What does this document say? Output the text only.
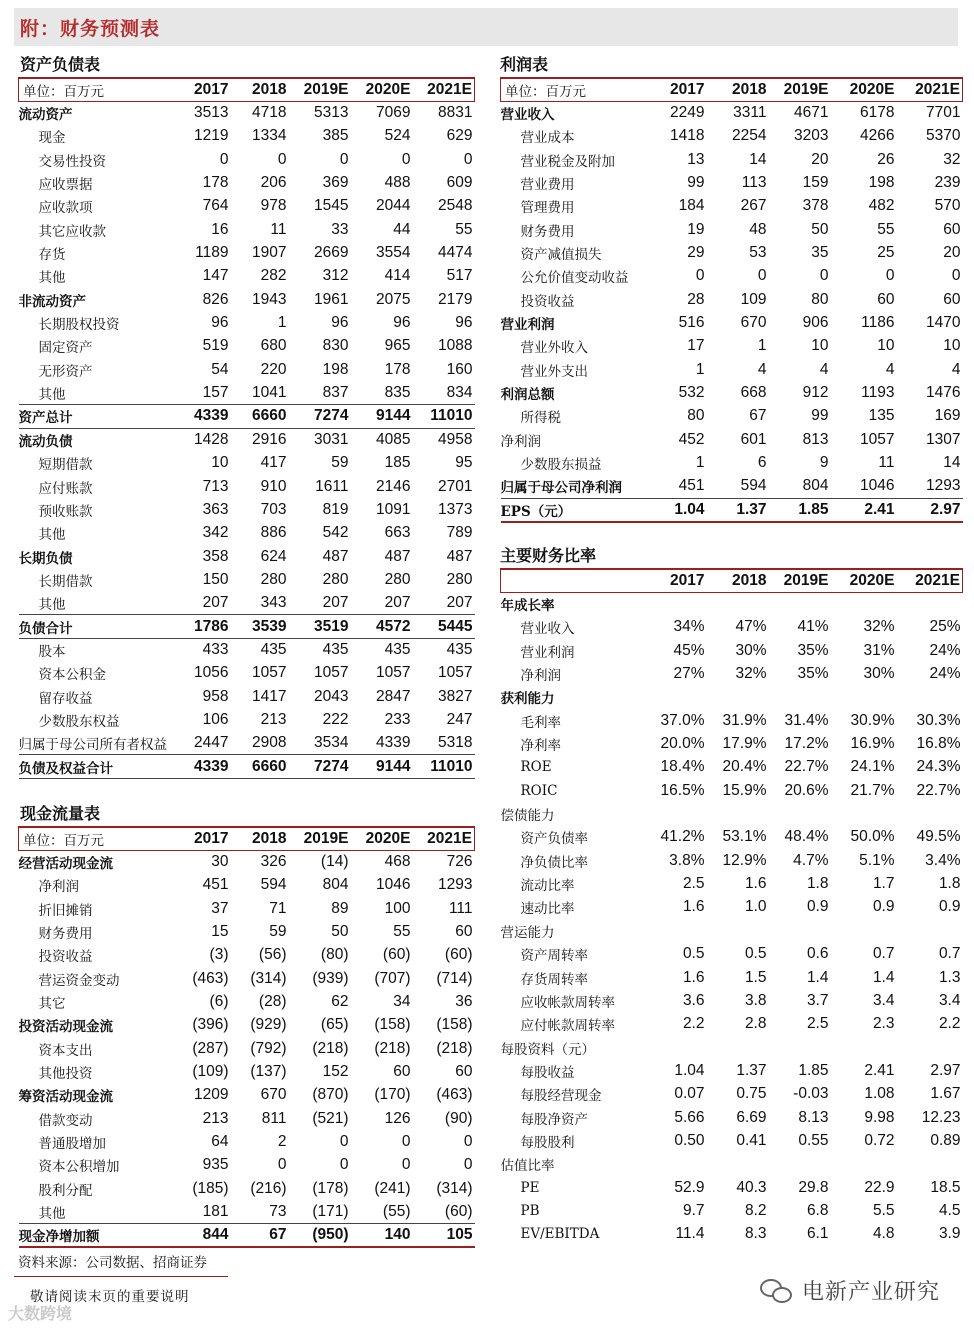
附：财务预测表
资产负债表
单位：百万元	2017	2018	2019E	2020E	2021E
流动资产	3513	4718	5313	7069	8831
现金	1219	1334	385	524	629
交易性投资	0	0	0	0	0
应收票据	178	206	369	488	609
应收款项	764	978	1545	2044	2548
其它应收款	16	11	33	44	55
存货	1189	1907	2669	3554	4474
其他	147	282	312	414	517
非流动资产	826	1943	1961	2075	2179
长期股权投资	96	1	96	96	96
固定资产	519	680	830	965	1088
无形资产	54	220	198	178	160
其他	157	1041	837	835	834
资产总计	4339	6660	7274	9144	11010
流动负债	1428	2916	3031	4085	4958
短期借款	10	417	59	185	95
应付账款	713	910	1611	2146	2701
预收账款	363	703	819	1091	1373
其他	342	886	542	663	789
长期负债	358	624	487	487	487
长期借款	150	280	280	280	280
其他	207	343	207	207	207
负债合计	1786	3539	3519	4572	5445
股本	433	435	435	435	435
资本公积金	1056	1057	1057	1057	1057
留存收益	958	1417	2043	2847	3827
少数股东权益	106	213	222	233	247
归属于母公司所有者权益	2447	2908	3534	4339	5318
负债及权益合计	4339	6660	7274	9144	11010
现金流量表
单位：百万元	2017	2018	2019E	2020E	2021E
经营活动现金流	30	326	(14)	468	726
净利润	451	594	804	1046	1293
折旧摊销	37	71	89	100	111
财务费用	15	59	50	55	60
投资收益	(3)	(56)	(80)	(60)	(60)
营运资金变动	(463)	(314)	(939)	(707)	(714)
其它	(6)	(28)	62	34	36
投资活动现金流	(396)	(929)	(65)	(158)	(158)
资本支出	(287)	(792)	(218)	(218)	(218)
其他投资	(109)	(137)	152	60	60
筹资活动现金流	1209	670	(870)	(170)	(463)
借款变动	213	811	(521)	126	(90)
普通股增加	64	2	0	0	0
资本公积增加	935	0	0	0	0
股利分配	(185)	(216)	(178)	(241)	(314)
其他	181	73	(171)	(55)	(60)
现金净增加额	844	67	(950)	140	105
利润表
单位：百万元	2017	2018	2019E	2020E	2021E
营业收入	2249	3311	4671	6178	7701
营业成本	1418	2254	3203	4266	5370
营业税金及附加	13	14	20	26	32
营业费用	99	113	159	198	239
管理费用	184	267	378	482	570
财务费用	19	48	50	55	60
资产减值损失	29	53	35	25	20
公允价值变动收益	0	0	0	0	0
投资收益	28	109	80	60	60
营业利润	516	670	906	1186	1470
营业外收入	17	1	10	10	10
营业外支出	1	4	4	4	4
利润总额	532	668	912	1193	1476
所得税	80	67	99	135	169
净利润	452	601	813	1057	1307
少数股东损益	1	6	9	11	14
归属于母公司净利润	451	594	804	1046	1293
EPS（元）	1.04	1.37	1.85	2.41	2.97
主要财务比率
	2017	2018	2019E	2020E	2021E
年成长率					
营业收入	34%	47%	41%	32%	25%
营业利润	45%	30%	35%	31%	24%
净利润	27%	32%	35%	30%	24%
获利能力					
毛利率	37.0%	31.9%	31.4%	30.9%	30.3%
净利率	20.0%	17.9%	17.2%	16.9%	16.8%
ROE	18.4%	20.4%	22.7%	24.1%	24.3%
ROIC	16.5%	15.9%	20.6%	21.7%	22.7%
偿债能力					
资产负债率	41.2%	53.1%	48.4%	50.0%	49.5%
净负债比率	3.8%	12.9%	4.7%	5.1%	3.4%
流动比率	2.5	1.6	1.8	1.7	1.8
速动比率	1.6	1.0	0.9	0.9	0.9
营运能力					
资产周转率	0.5	0.5	0.6	0.7	0.7
存货周转率	1.6	1.5	1.4	1.4	1.3
应收帐款周转率	3.6	3.8	3.7	3.4	3.4
应付帐款周转率	2.2	2.8	2.5	2.3	2.2
每股资料（元）					
每股收益	1.04	1.37	1.85	2.41	2.97
每股经营现金	0.07	0.75	-0.03	1.08	1.67
每股净资产	5.66	6.69	8.13	9.98	12.23
每股股利	0.50	0.41	0.55	0.72	0.89
估值比率					
PE	52.9	40.3	29.8	22.9	18.5
PB	9.7	8.2	6.8	5.5	4.5
EV/EBITDA	11.4	8.3	6.1	4.8	3.9
资料来源：公司数据、招商证券
敬请阅读末页的重要说明
大数跨境
电新产业研究
